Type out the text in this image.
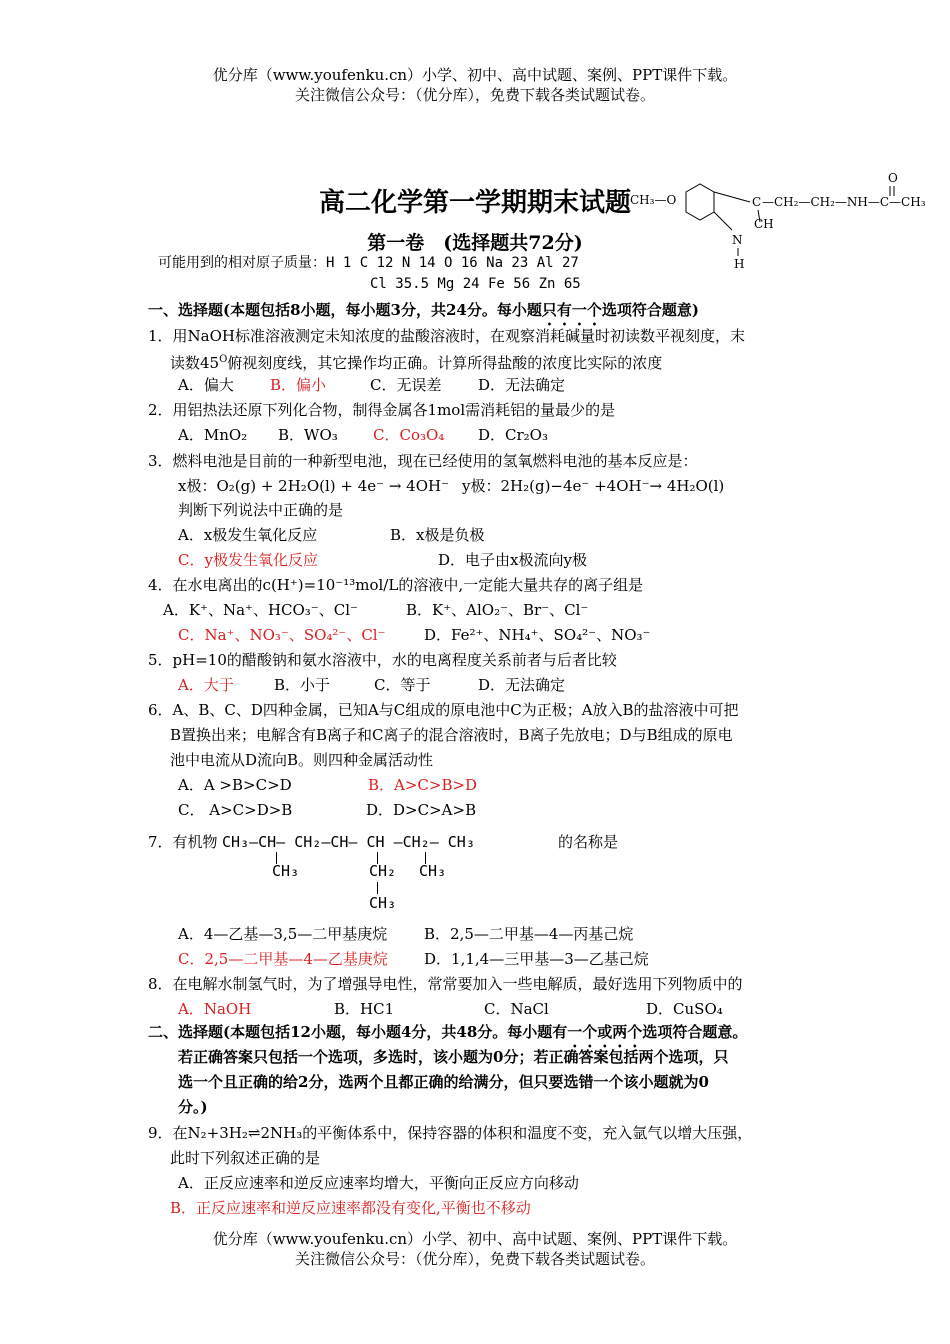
优分库（www.youfenku.cn）小学、初中、高中试题、案例、PPT课件下载。
关注微信公众号：（优分库），免费下载各类试题试卷。
CH₃—O	C
CH
N
H
—CH₂—CH₂—NH—C—CH₃
O
高二化学第一学期期末试题
第一卷　(选择题共72分)
可能用到的相对原子质量：H 1 C 12 N 14 O 16 Na 23 Al 27
Cl 35.5 Mg 24 Fe 56 Zn 65
一、选择题(本题包括8小题，每小题3分，共24分。每小题只有一个选项符合题意)
1．用NaOH标准溶液测定未知浓度的盐酸溶液时，在观察消耗碱量时初读数平视刻度，末
读数$45^O$俯视刻度线，其它操作均正确。计算所得盐酸的浓度比实际的浓度
A．偏大 B．偏小	C．无误差 D．无法确定
2．用铝热法还原下列化合物，制得金属各1mol需消耗铝的量最少的是
A．MnO₂ B．WO₃ C．Co₃O₄ D．Cr₂O₃
3．燃料电池是目前的一种新型电池，现在已经使用的氢氧燃料电池的基本反应是：
x极：O₂(g) + 2H₂O(l) + 4e⁻ → 4OH⁻ y极：2H₂(g)−4e⁻ +4OH⁻→ 4H₂O(l)
判断下列说法中正确的是
A．x极发生氧化反应	B．x极是负极
C．y极发生氧化反应	D．电子由x极流向y极
4．在水电离出的c(H⁺)=10⁻¹³mol/L的溶液中,一定能大量共存的离子组是
A．K⁺、Na⁺、HCO₃⁻、Cl⁻	B．K⁺、AlO₂⁻、Br⁻、Cl⁻
C．Na⁺、NO₃⁻、SO₄²⁻、Cl⁻	D．Fe²⁺、NH₄⁺、SO₄²⁻、NO₃⁻
5．pH=10的醋酸钠和氨水溶液中，水的电离程度关系前者与后者比较
A．大于	B．小于	C．等于	D．无法确定
6．A、B、C、D四种金属，已知A与C组成的原电池中C为正极；A放入B的盐溶液中可把
B置换出来；电解含有B离子和C离子的混合溶液时，B离子先放电；D与B组成的原电
池中电流从D流向B。则四种金属活动性
A．A >B>C>D	B．A>C>B>D
C． A>C>D>B	D．D>C>A>B
7．有机物 CH₃—CH— CH₂—CH— CH —CH₂— CH₃	的名称是
CH₃	CH₂ CH₃
CH₃
A．4—乙基—3,5—二甲基庚烷 B．2,5—二甲基—4—丙基己烷
C．2,5—二甲基—4—乙基庚烷 D．1,1,4—三甲基—3—乙基己烷
8．在电解水制氢气时，为了增强导电性，常常要加入一些电解质，最好选用下列物质中的
A．NaOH	B．HC1	C．NaCl	D．CuSO₄
二、选择题(本题包括12小题，每小题4分，共48分。每小题有一个或两个选项符合题意。
若正确答案只包括一个选项，多选时，该小题为0分；若正确答案包括两个选项，只
选一个且正确的给2分，选两个且都正确的给满分，但只要选错一个该小题就为0
分。)
9．在N₂+3H₂⇌2NH₃的平衡体系中，保持容器的体积和温度不变，充入氩气以增大压强，
此时下列叙述正确的是
A．正反应速率和逆反应速率均增大，平衡向正反应方向移动
B．正反应速率和逆反应速率都没有变化,平衡也不移动
优分库（www.youfenku.cn）小学、初中、高中试题、案例、PPT课件下载。
关注微信公众号：（优分库），免费下载各类试题试卷。
